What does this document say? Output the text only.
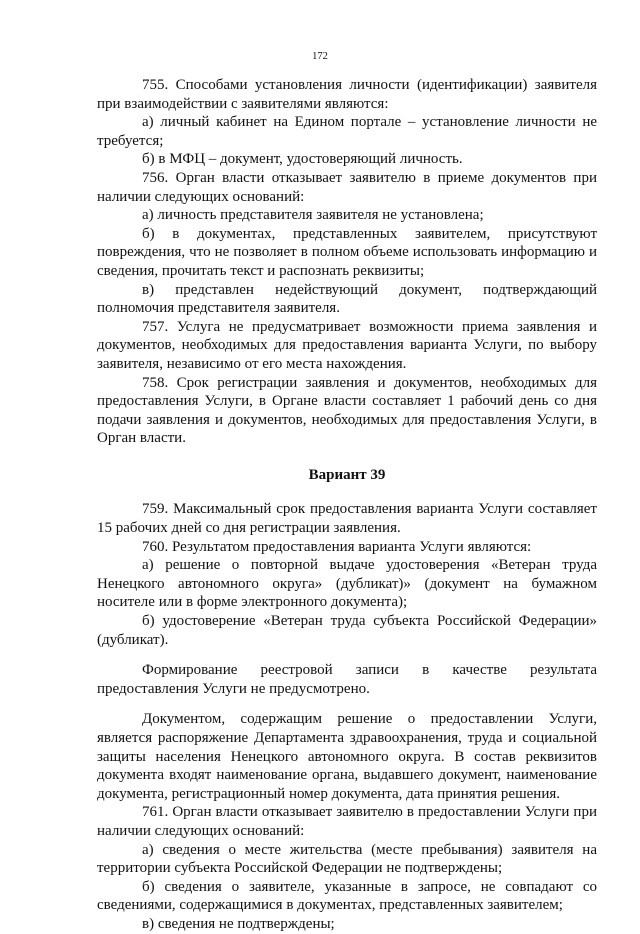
172

755. Способами установления личности (идентификации) заявителя при взаимодействии с заявителями являются:

а) личный кабинет на Едином портале – установление личности не требуется;

б) в МФЦ – документ, удостоверяющий личность.

756. Орган власти отказывает заявителю в приеме документов при наличии следующих оснований:

а) личность представителя заявителя не установлена;

б) в документах, представленных заявителем, присутствуют повреждения, что не позволяет в полном объеме использовать информацию и сведения, прочитать текст и распознать реквизиты;

в) представлен недействующий документ, подтверждающий полномочия представителя заявителя.

757. Услуга не предусматривает возможности приема заявления и документов, необходимых для предоставления варианта Услуги, по выбору заявителя, независимо от его места нахождения.

758. Срок регистрации заявления и документов, необходимых для предоставления Услуги, в Органе власти составляет 1 рабочий день со дня подачи заявления и документов, необходимых для предоставления Услуги, в Орган власти.

Вариант 39

759. Максимальный срок предоставления варианта Услуги составляет 15 рабочих дней со дня регистрации заявления.

760. Результатом предоставления варианта Услуги являются:

а) решение о повторной выдаче удостоверения «Ветеран труда Ненецкого автономного округа» (дубликат)» (документ на бумажном носителе или в форме электронного документа);

б) удостоверение «Ветеран труда субъекта Российской Федерации» (дубликат).

Формирование реестровой записи в качестве результата предоставления Услуги не предусмотрено.

Документом, содержащим решение о предоставлении Услуги, является распоряжение Департамента здравоохранения, труда и социальной защиты населения Ненецкого автономного округа. В состав реквизитов документа входят наименование органа, выдавшего документ, наименование документа, регистрационный номер документа, дата принятия решения.

761. Орган власти отказывает заявителю в предоставлении Услуги при наличии следующих оснований:

а) сведения о месте жительства (месте пребывания) заявителя на территории субъекта Российской Федерации не подтверждены;

б) сведения о заявителе, указанные в запросе, не совпадают со сведениями, содержащимися в документах, представленных заявителем;

в) сведения не подтверждены;
